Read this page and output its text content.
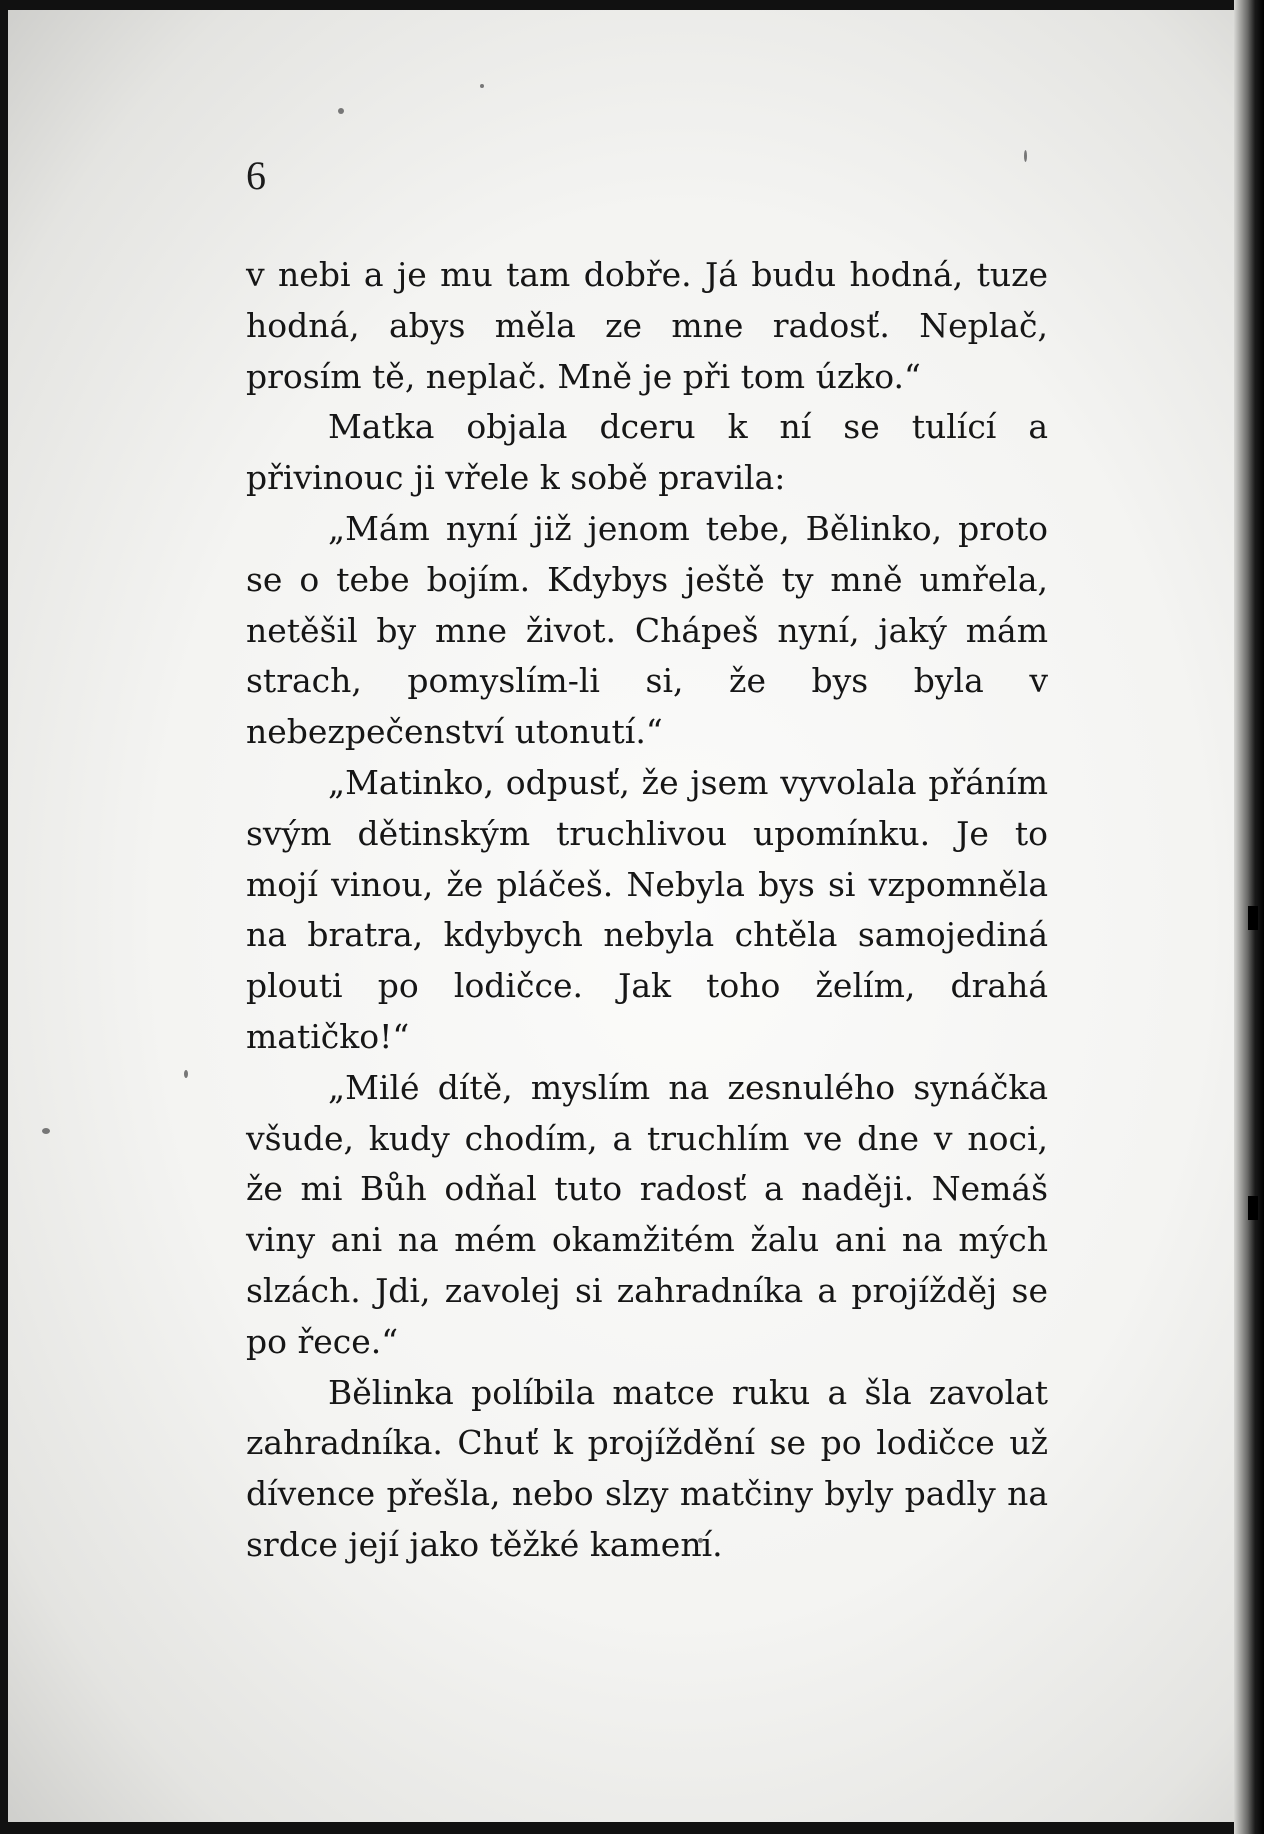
6

v nebi a je mu tam dobře. Já budu hodná, tuze hodná, abys měla ze mne radosť. Neplač, prosím tě, neplač. Mně je při tom úzko.“

Matka objala dceru k ní se tulící a přivinouc ji vřele k sobě pravila:

„Mám nyní již jenom tebe, Bělinko, proto se o tebe bojím. Kdybys ještě ty mně umřela, netěšil by mne život. Chápeš nyní, jaký mám strach, pomyslím-li si, že bys byla v nebezpečenství utonutí.“

„Matinko, odpusť, že jsem vyvolala přáním svým dětinským truchlivou upomínku. Je to mojí vinou, že pláčeš. Nebyla bys si vzpomněla na bratra, kdybych nebyla chtěla samojediná plouti po lodičce. Jak toho želím, drahá matičko!“

„Milé dítě, myslím na zesnulého synáčka všude, kudy chodím, a truchlím ve dne v noci, že mi Bůh odňal tuto radosť a naději. Nemáš viny ani na mém okamžitém žalu ani na mých slzách. Jdi, zavolej si zahradníka a projížděj se po řece.“

Bělinka políbila matce ruku a šla zavolat zahradníka. Chuť k projíždění se po lodičce už dívence přešla, nebo slzy matčiny byly padly na srdce její jako těžké kamení.
